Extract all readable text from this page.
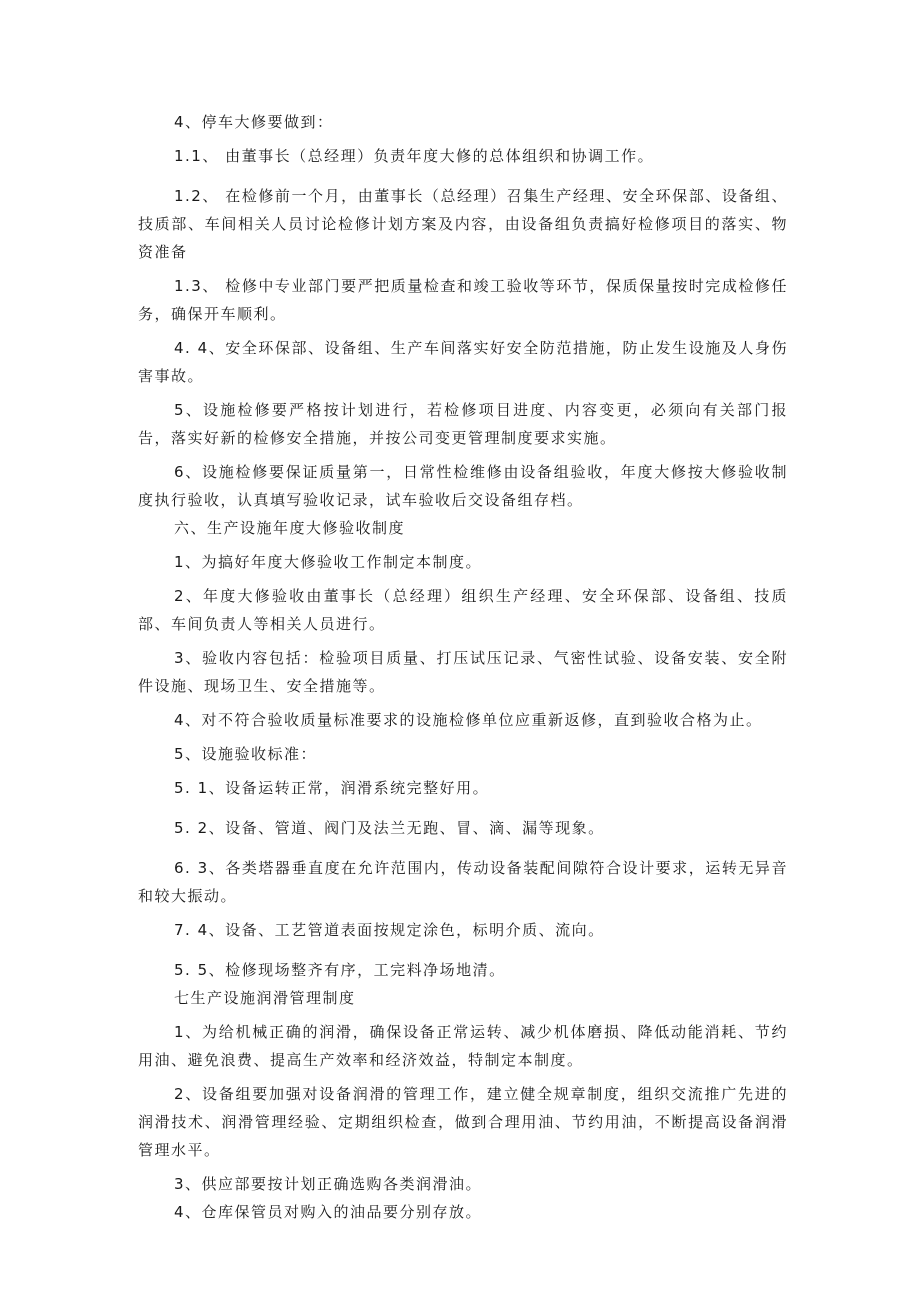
4、停车大修要做到：

1.1、 由董事长（总经理）负责年度大修的总体组织和协调工作。

1.2、 在检修前一个月，由董事长（总经理）召集生产经理、安全环保部、设备组、技质部、车间相关人员讨论检修计划方案及内容，由设备组负责搞好检修项目的落实、物资准备

1.3、 检修中专业部门要严把质量检查和竣工验收等环节，保质保量按时完成检修任务，确保开车顺利。

4. 4、安全环保部、设备组、生产车间落实好安全防范措施，防止发生设施及人身伤害事故。

5、设施检修要严格按计划进行，若检修项目进度、内容变更，必须向有关部门报告，落实好新的检修安全措施，并按公司变更管理制度要求实施。

6、设施检修要保证质量第一，日常性检维修由设备组验收，年度大修按大修验收制度执行验收，认真填写验收记录，试车验收后交设备组存档。

六、生产设施年度大修验收制度

1、为搞好年度大修验收工作制定本制度。

2、年度大修验收由董事长（总经理）组织生产经理、安全环保部、设备组、技质部、车间负责人等相关人员进行。

3、验收内容包括：检验项目质量、打压试压记录、气密性试验、设备安装、安全附件设施、现场卫生、安全措施等。

4、对不符合验收质量标准要求的设施检修单位应重新返修，直到验收合格为止。

5、设施验收标准：

5. 1、设备运转正常，润滑系统完整好用。

5. 2、设备、管道、阀门及法兰无跑、冒、滴、漏等现象。

6. 3、各类塔器垂直度在允许范围内，传动设备装配间隙符合设计要求，运转无异音和较大振动。

7. 4、设备、工艺管道表面按规定涂色，标明介质、流向。

5. 5、检修现场整齐有序，工完料净场地清。

七生产设施润滑管理制度

1、为给机械正确的润滑，确保设备正常运转、减少机体磨损、降低动能消耗、节约用油、避免浪费、提高生产效率和经济效益，特制定本制度。

2、设备组要加强对设备润滑的管理工作，建立健全规章制度，组织交流推广先进的润滑技术、润滑管理经验、定期组织检查，做到合理用油、节约用油，不断提高设备润滑管理水平。

3、供应部要按计划正确选购各类润滑油。

4、仓库保管员对购入的油品要分别存放。
